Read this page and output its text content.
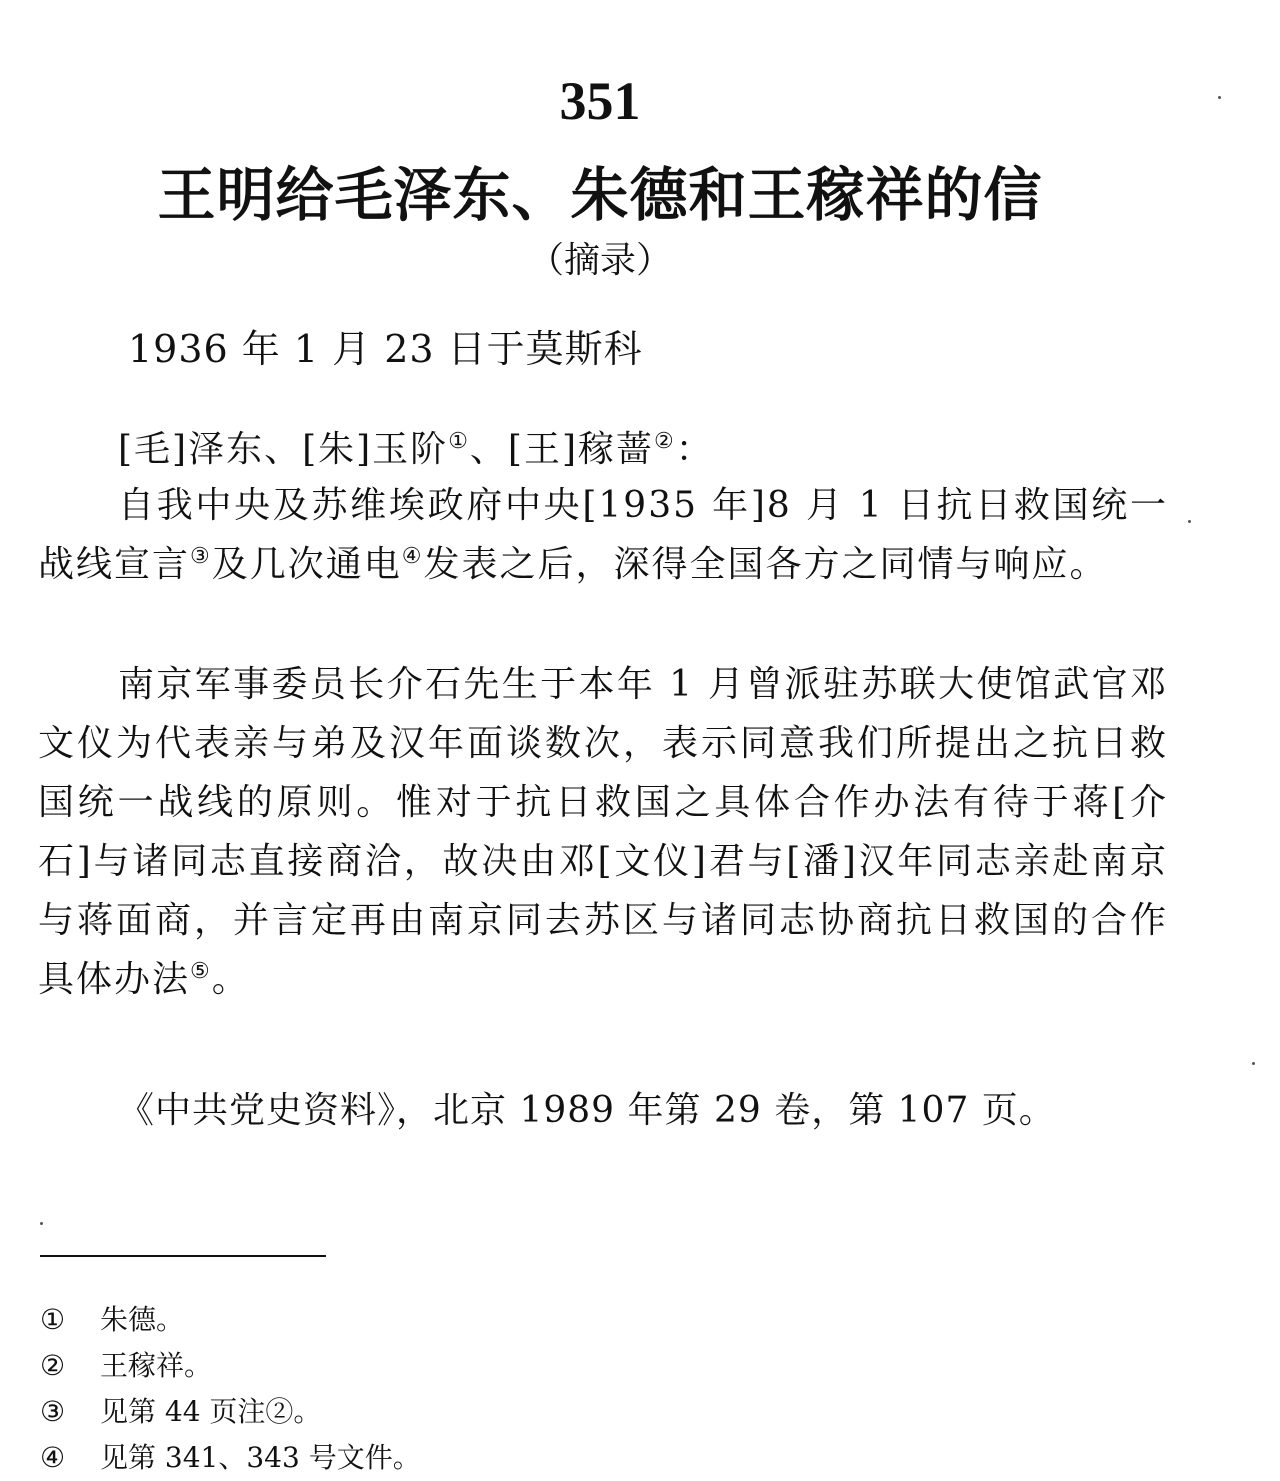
351
王明给毛泽东、朱德和王稼祥的信
（摘录）
1936 年 1 月 23 日于莫斯科

[毛]泽东、[朱]玉阶①、[王]稼蔷②：

自我中央及苏维埃政府中央[1935 年]8 月 1 日抗日救国统一战线宣言③及几次通电④发表之后，深得全国各方之同情与响应。

南京军事委员长介石先生于本年 1 月曾派驻苏联大使馆武官邓文仪为代表亲与弟及汉年面谈数次，表示同意我们所提出之抗日救国统一战线的原则。惟对于抗日救国之具体合作办法有待于蒋[介石]与诸同志直接商洽，故决由邓[文仪]君与[潘]汉年同志亲赴南京与蒋面商，并言定再由南京同去苏区与诸同志协商抗日救国的合作具体办法⑤。

《中共党史资料》，北京 1989 年第 29 卷，第 107 页。
① 朱德。
② 王稼祥。
③ 见第 44 页注②。
④ 见第 341、343 号文件。
